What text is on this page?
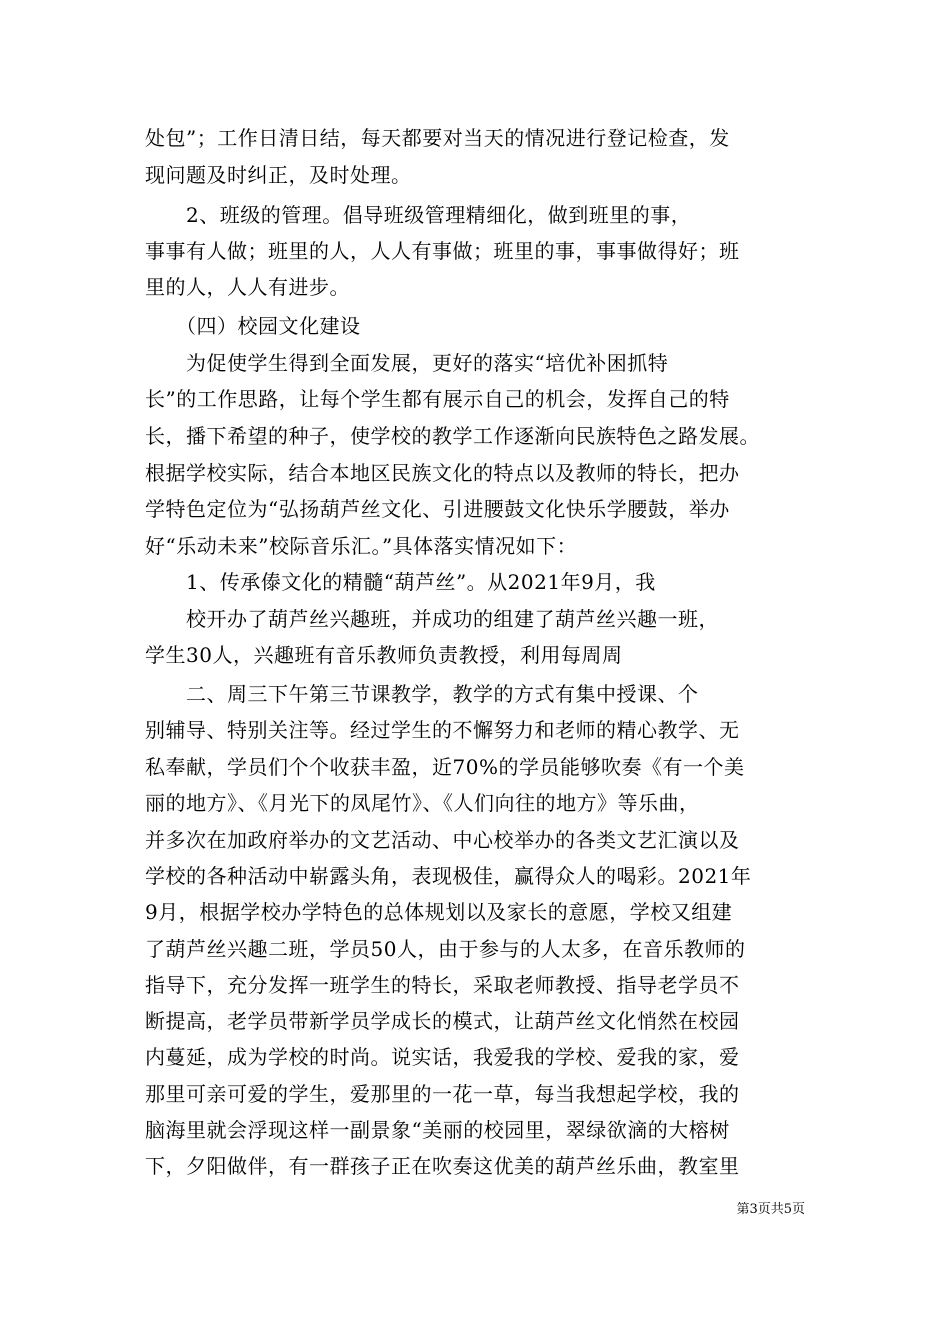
处包”；工作日清日结，每天都要对当天的情况进行登记检查，发
现问题及时纠正，及时处理。
　　2、班级的管理。倡导班级管理精细化，做到班里的事，
事事有人做；班里的人，人人有事做；班里的事，事事做得好；班
里的人，人人有进步。
　　（四）校园文化建设
　　为促使学生得到全面发展，更好的落实“培优补困抓特
长”的工作思路，让每个学生都有展示自己的机会，发挥自己的特
长，播下希望的种子，使学校的教学工作逐渐向民族特色之路发展。
根据学校实际，结合本地区民族文化的特点以及教师的特长，把办
学特色定位为“弘扬葫芦丝文化、引进腰鼓文化快乐学腰鼓，举办
好“乐动未来”校际音乐汇。”具体落实情况如下：
　　1、传承傣文化的精髓“葫芦丝”。从2021年9月，我
　　校开办了葫芦丝兴趣班，并成功的组建了葫芦丝兴趣一班，
学生30人，兴趣班有音乐教师负责教授，利用每周周
　　二、周三下午第三节课教学，教学的方式有集中授课、个
别辅导、特别关注等。经过学生的不懈努力和老师的精心教学、无
私奉献，学员们个个收获丰盈，近70%的学员能够吹奏《有一个美
丽的地方》、《月光下的凤尾竹》、《人们向往的地方》等乐曲，
并多次在加政府举办的文艺活动、中心校举办的各类文艺汇演以及
学校的各种活动中崭露头角，表现极佳，赢得众人的喝彩。2021年
9月，根据学校办学特色的总体规划以及家长的意愿，学校又组建
了葫芦丝兴趣二班，学员50人，由于参与的人太多，在音乐教师的
指导下，充分发挥一班学生的特长，采取老师教授、指导老学员不
断提高，老学员带新学员学成长的模式，让葫芦丝文化悄然在校园
内蔓延，成为学校的时尚。说实话，我爱我的学校、爱我的家，爱
那里可亲可爱的学生，爱那里的一花一草，每当我想起学校，我的
脑海里就会浮现这样一副景象“美丽的校园里，翠绿欲滴的大榕树
下，夕阳做伴，有一群孩子正在吹奏这优美的葫芦丝乐曲，教室里
第3页共5页
